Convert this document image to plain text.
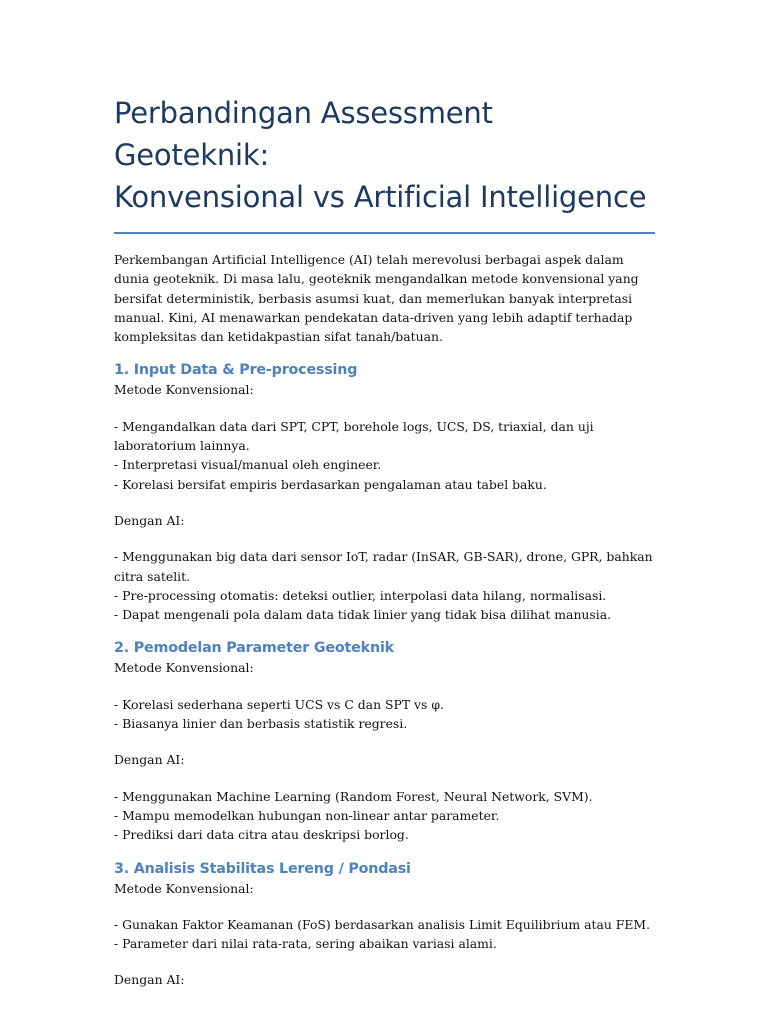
Perbandingan Assessment Geoteknik:
Konvensional vs Artificial Intelligence

Perkembangan Artificial Intelligence (AI) telah merevolusi berbagai aspek dalam dunia geoteknik. Di masa lalu, geoteknik mengandalkan metode konvensional yang bersifat deterministik, berbasis asumsi kuat, dan memerlukan banyak interpretasi manual. Kini, AI menawarkan pendekatan data-driven yang lebih adaptif terhadap kompleksitas dan ketidakpastian sifat tanah/batuan.

1. Input Data & Pre-processing

Metode Konvensional:

- Mengandalkan data dari SPT, CPT, borehole logs, UCS, DS, triaxial, dan uji laboratorium lainnya.
- Interpretasi visual/manual oleh engineer.
- Korelasi bersifat empiris berdasarkan pengalaman atau tabel baku.

Dengan AI:

- Menggunakan big data dari sensor IoT, radar (InSAR, GB-SAR), drone, GPR, bahkan citra satelit.
- Pre-processing otomatis: deteksi outlier, interpolasi data hilang, normalisasi.
- Dapat mengenali pola dalam data tidak linier yang tidak bisa dilihat manusia.
2. Pemodelan Parameter Geoteknik

Metode Konvensional:

- Korelasi sederhana seperti UCS vs C dan SPT vs φ.
- Biasanya linier dan berbasis statistik regresi.

Dengan AI:

- Menggunakan Machine Learning (Random Forest, Neural Network, SVM).
- Mampu memodelkan hubungan non-linear antar parameter.
- Prediksi dari data citra atau deskripsi borlog.
3. Analisis Stabilitas Lereng / Pondasi

Metode Konvensional:

- Gunakan Faktor Keamanan (FoS) berdasarkan analisis Limit Equilibrium atau FEM.
- Parameter dari nilai rata-rata, sering abaikan variasi alami.

Dengan AI:
